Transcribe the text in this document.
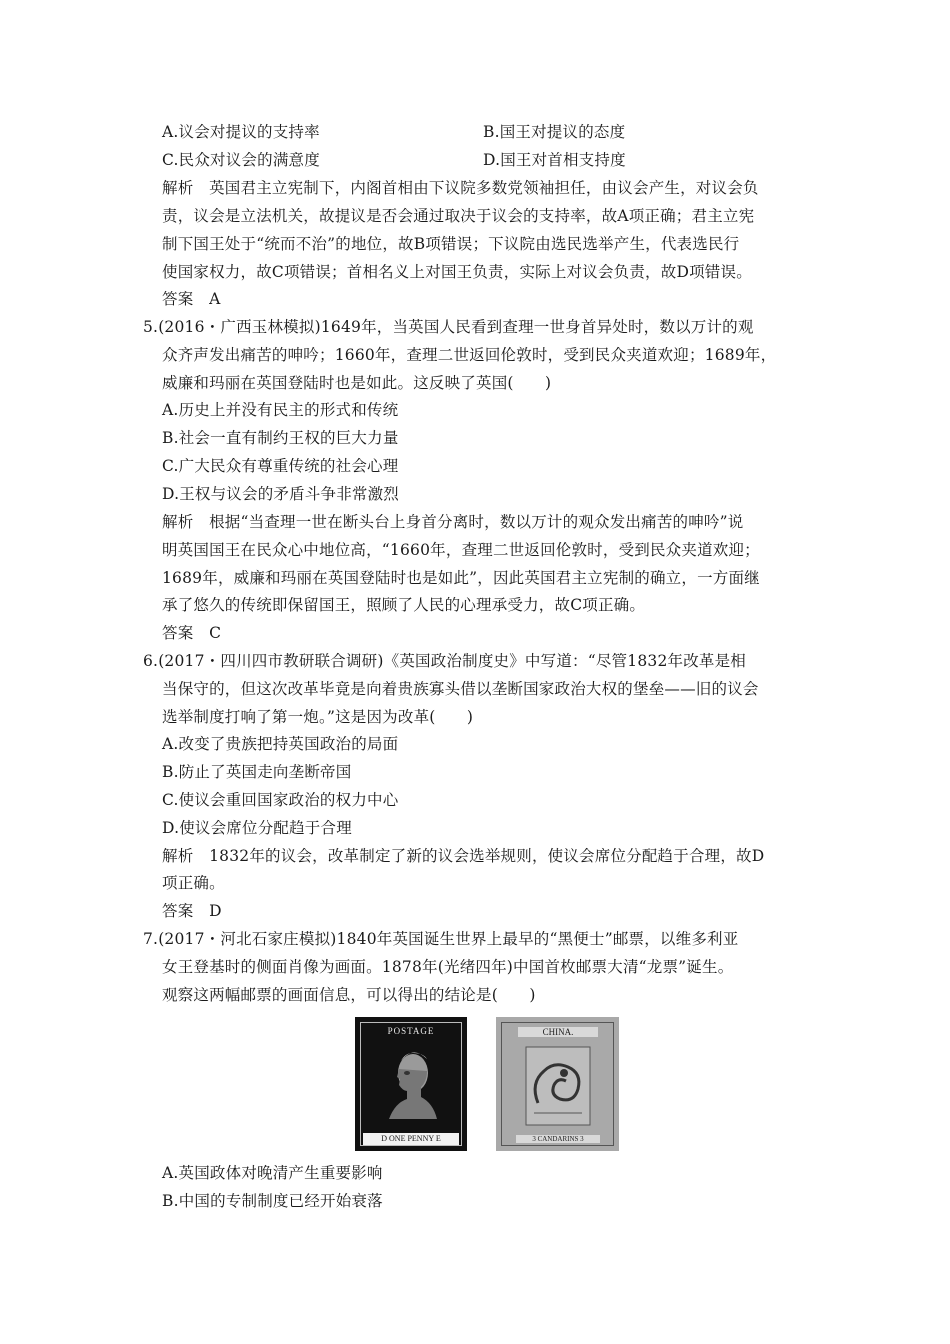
A.议会对提议的支持率	B.国王对提议的态度
C.民众对议会的满意度	D.国王对首相支持度
解析　英国君主立宪制下，内阁首相由下议院多数党领袖担任，由议会产生，对议会负
责，议会是立法机关，故提议是否会通过取决于议会的支持率，故A项正确；君主立宪
制下国王处于“统而不治”的地位，故B项错误；下议院由选民选举产生，代表选民行
使国家权力，故C项错误；首相名义上对国王负责，实际上对议会负责，故D项错误。
答案　A
5.(2016・广西玉林模拟)1649年，当英国人民看到查理一世身首异处时，数以万计的观
众齐声发出痛苦的呻吟；1660年，查理二世返回伦敦时，受到民众夹道欢迎；1689年，
威廉和玛丽在英国登陆时也是如此。这反映了英国(　　)
A.历史上并没有民主的形式和传统
B.社会一直有制约王权的巨大力量
C.广大民众有尊重传统的社会心理
D.王权与议会的矛盾斗争非常激烈
解析　根据“当查理一世在断头台上身首分离时，数以万计的观众发出痛苦的呻吟”说
明英国国王在民众心中地位高，“1660年，查理二世返回伦敦时，受到民众夹道欢迎；
1689年，威廉和玛丽在英国登陆时也是如此”，因此英国君主立宪制的确立，一方面继
承了悠久的传统即保留国王，照顾了人民的心理承受力，故C项正确。
答案　C
6.(2017・四川四市教研联合调研)《英国政治制度史》中写道：“尽管1832年改革是相
当保守的，但这次改革毕竟是向着贵族寡头借以垄断国家政治大权的堡垒——旧的议会
选举制度打响了第一炮。”这是因为改革(　　)
A.改变了贵族把持英国政治的局面
B.防止了英国走向垄断帝国
C.使议会重回国家政治的权力中心
D.使议会席位分配趋于合理
解析　1832年的议会，改革制定了新的议会选举规则，使议会席位分配趋于合理，故D
项正确。
答案　D
7.(2017・河北石家庄模拟)1840年英国诞生世界上最早的“黑便士”邮票，以维多利亚
女王登基时的侧面肖像为画面。1878年(光绪四年)中国首枚邮票大清“龙票”诞生。
观察这两幅邮票的画面信息，可以得出的结论是(　　)
POSTAGE
D ONE PENNY E
CHINA.
3 CANDARINS 3
A.英国政体对晚清产生重要影响
B.中国的专制制度已经开始衰落
